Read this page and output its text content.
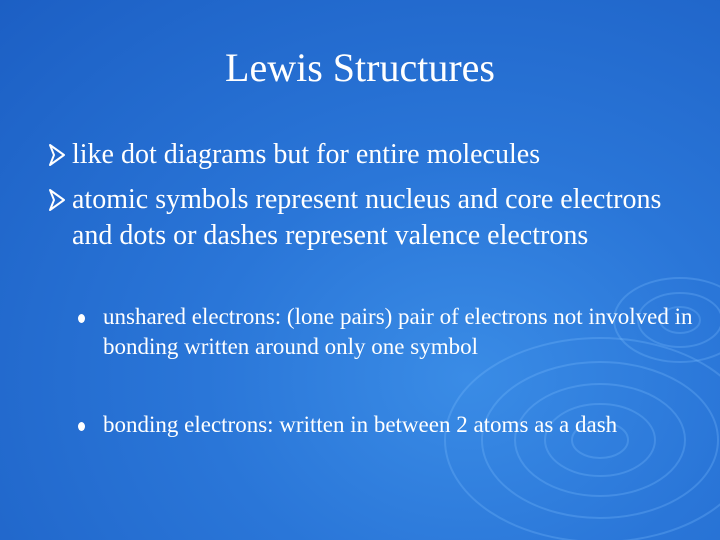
Lewis Structures
like dot diagrams but for entire molecules
atomic symbols represent nucleus and core electrons and dots or dashes represent valence electrons
unshared electrons: (lone pairs) pair of electrons not involved in bonding written around only one symbol
bonding electrons: written in between 2 atoms as a dash
